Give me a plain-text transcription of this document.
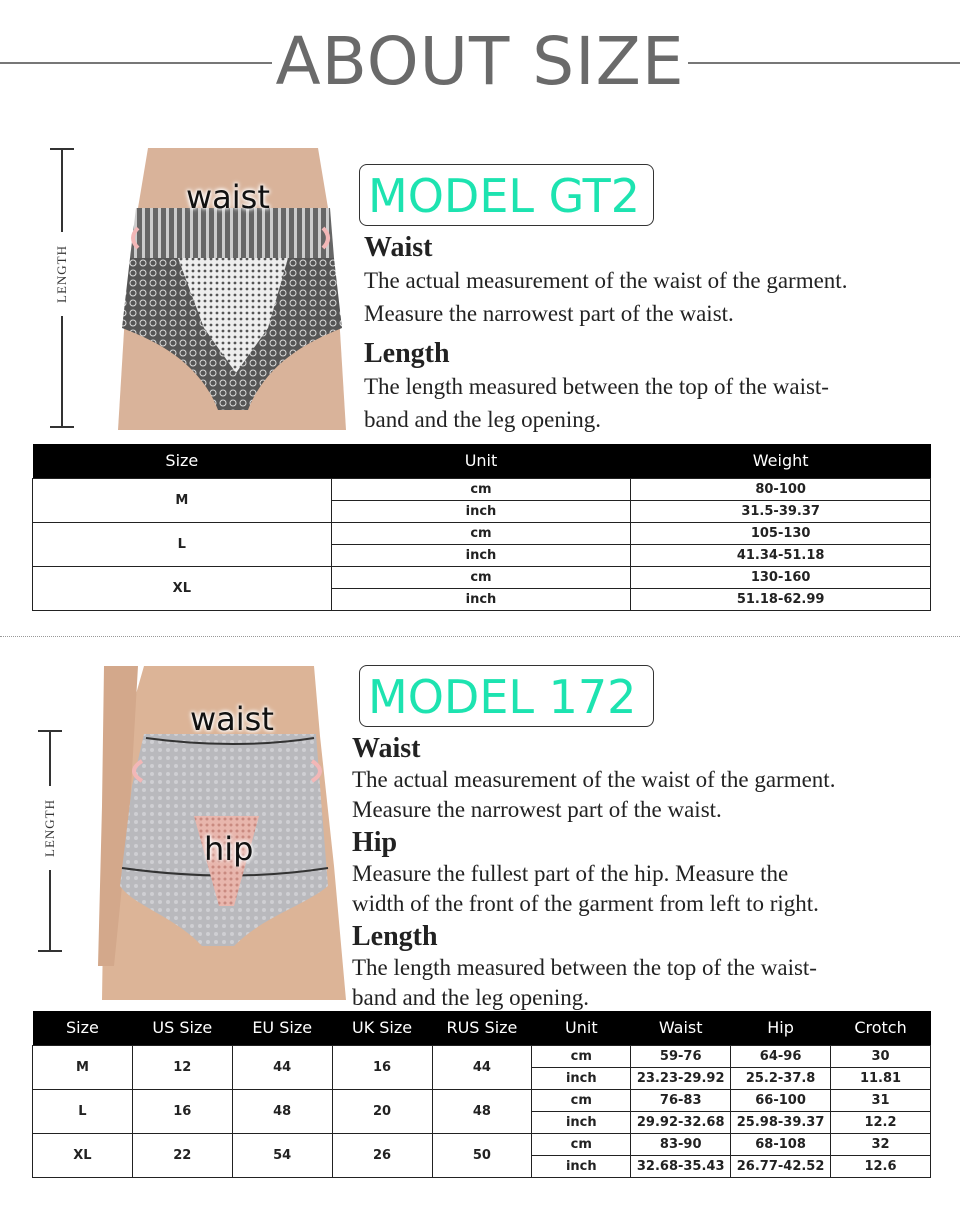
ABOUT SIZE
LENGTH
waist MODEL GT2
Waist
The actual measurement of the waist of the garment.
Measure the narrowest part of the waist.
Length
The length measured between the top of the waist-
band and the leg opening.
Size	Unit	Weight
M	cm	80-100
	inch	31.5-39.37
L	cm	105-130
	inch	41.34-51.18
XL	cm	130-160
	inch	51.18-62.99
LENGTH
waist
hip
MODEL 172
Waist
The actual measurement of the waist of the garment.
Measure the narrowest part of the waist.
Hip
Measure the fullest part of the hip. Measure the
width of the front of the garment from left to right.
Length
The length measured between the top of the waist-
band and the leg opening.
Size	US Size	EU Size	UK Size	RUS Size	Unit	Waist	Hip	Crotch
M	12	44	16	44	cm	59-76	64-96	30
					inch	23.23-29.92	25.2-37.8	11.81
L	16	48	20	48	cm	76-83	66-100	31
					inch	29.92-32.68	25.98-39.37	12.2
XL	22	54	26	50	cm	83-90	68-108	32
					inch	32.68-35.43	26.77-42.52	12.6
